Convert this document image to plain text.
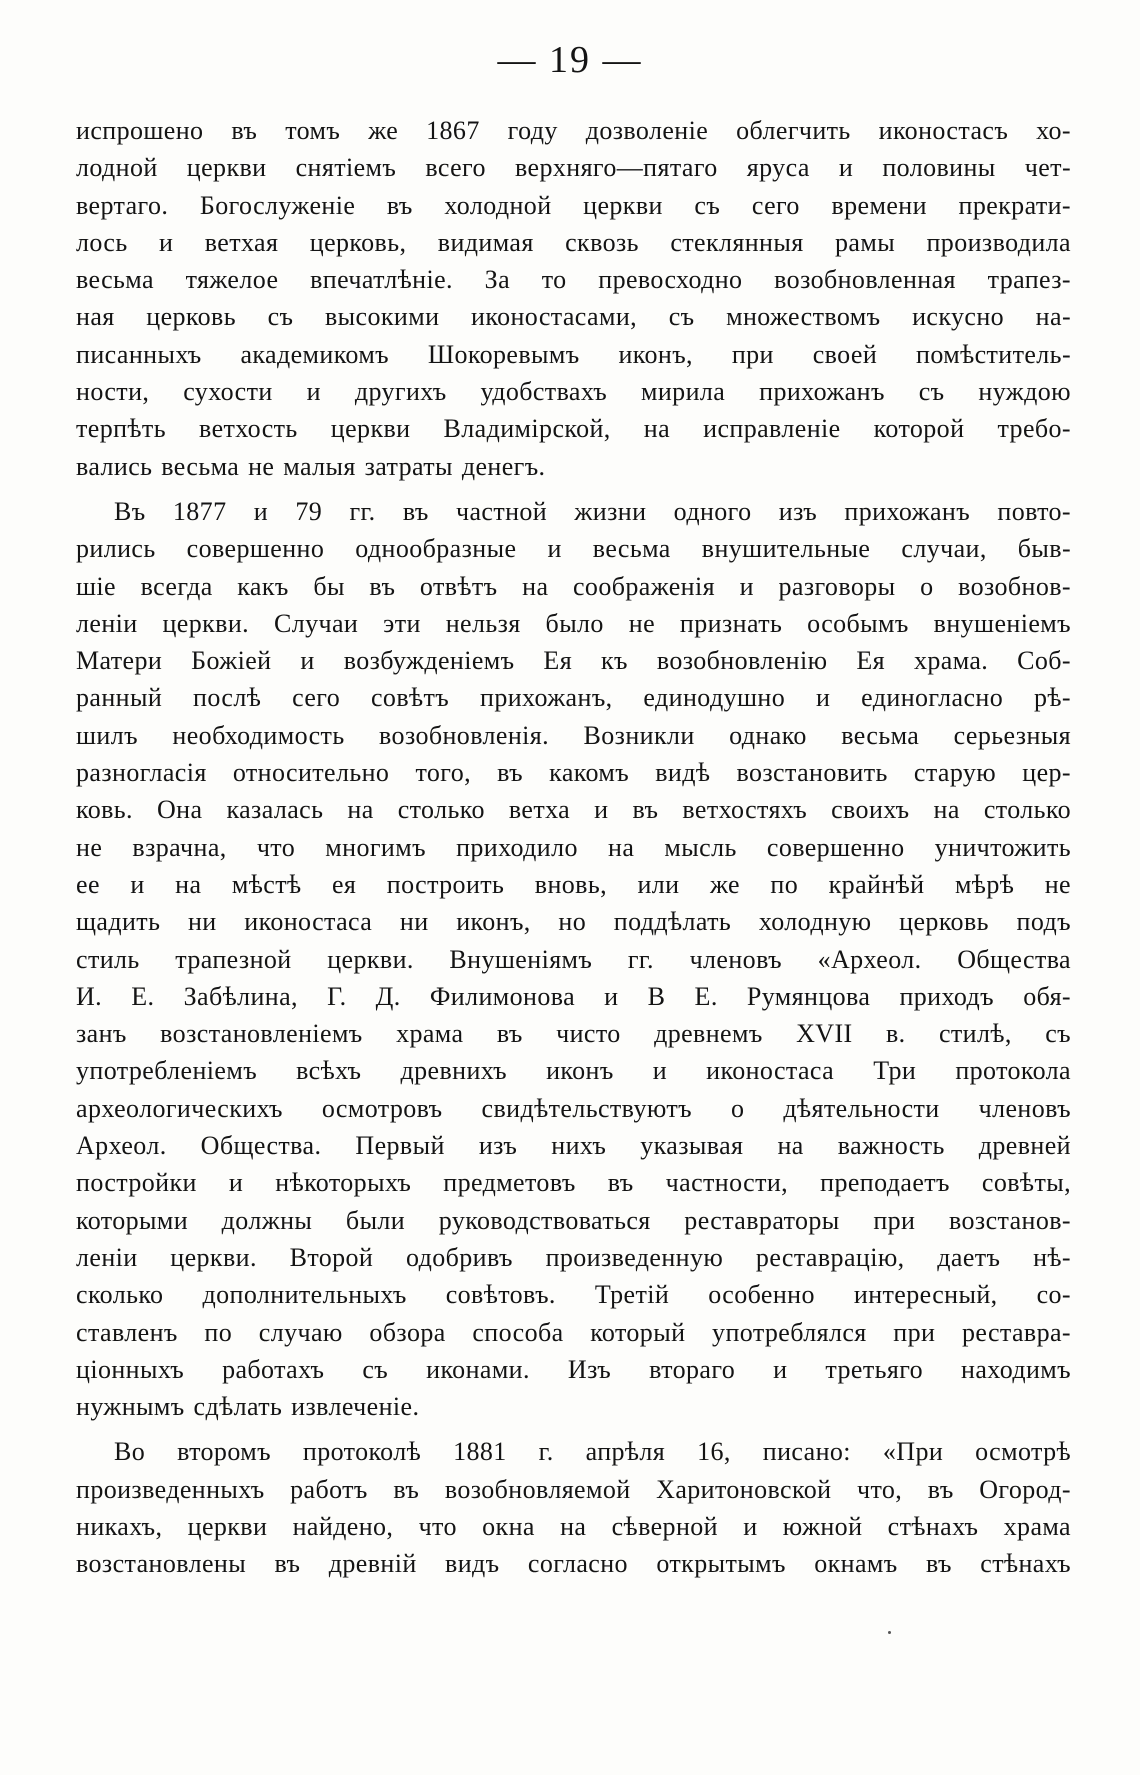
— 19 —
испрошено въ томъ же 1867 году дозволеніе облегчить иконостасъ хо-
лодной церкви снятіемъ всего верхняго—пятаго яруса и половины чет-
вертаго. Богослуженіе въ холодной церкви съ сего времени прекрати-
лось и ветхая церковь, видимая сквозь стеклянныя рамы производила
весьма тяжелое впечатлѣніе. За то превосходно возобновленная трапез-
ная церковь съ высокими иконостасами, съ множествомъ искусно на-
писанныхъ академикомъ Шокоревымъ иконъ, при своей помѣститель-
ности, сухости и другихъ удобствахъ мирила прихожанъ съ нуждою
терпѣть ветхость церкви Владимірской, на исправленіе которой требо-
вались весьма не малыя затраты денегъ.
Въ 1877 и 79 гг. въ частной жизни одного изъ прихожанъ повто-
рились совершенно однообразные и весьма внушительные случаи, быв-
шіе всегда какъ бы въ отвѣтъ на соображенія и разговоры о возобнов-
леніи церкви. Случаи эти нельзя было не признать особымъ внушеніемъ
Матери Божіей и возбужденіемъ Ея къ возобновленію Ея храма. Соб-
ранный послѣ сего совѣтъ прихожанъ, единодушно и единогласно рѣ-
шилъ необходимость возобновленія. Возникли однако весьма серьезныя
разногласія относительно того, въ какомъ видѣ возстановить старую цер-
ковь. Она казалась на столько ветха и въ ветхостяхъ своихъ на столько
не взрачна, что многимъ приходило на мысль совершенно уничтожить
ее и на мѣстѣ ея построить вновь, или же по крайнѣй мѣрѣ не
щадить ни иконостаса ни иконъ, но поддѣлать холодную церковь подъ
стиль трапезной церкви. Внушеніямъ гг. членовъ «Археол. Общества
И. Е. Забѣлина, Г. Д. Филимонова и В Е. Румянцова приходъ обя-
занъ возстановленіемъ храма въ чисто древнемъ XVII в. стилѣ, съ
употребленіемъ всѣхъ древнихъ иконъ и иконостаса Три протокола
археологическихъ осмотровъ свидѣтельствуютъ о дѣятельности членовъ
Археол. Общества. Первый изъ нихъ указывая на важность древней
постройки и нѣкоторыхъ предметовъ въ частности, преподаетъ совѣты,
которыми должны были руководствоваться реставраторы при возстанов-
леніи церкви. Второй одобривъ произведенную реставрацію, даетъ нѣ-
сколько дополнительныхъ совѣтовъ. Третій особенно интересный, со-
ставленъ по случаю обзора способа который употреблялся при реставра-
ціонныхъ работахъ съ иконами. Изъ втораго и третьяго находимъ
нужнымъ сдѣлать извлеченіе.
Во второмъ протоколѣ 1881 г. апрѣля 16, писано: «При осмотрѣ
произведенныхъ работъ въ возобновляемой Харитоновской что, въ Огород-
никахъ, церкви найдено, что окна на сѣверной и южной стѣнахъ храма
возстановлены въ древній видъ согласно открытымъ окнамъ въ стѣнахъ
